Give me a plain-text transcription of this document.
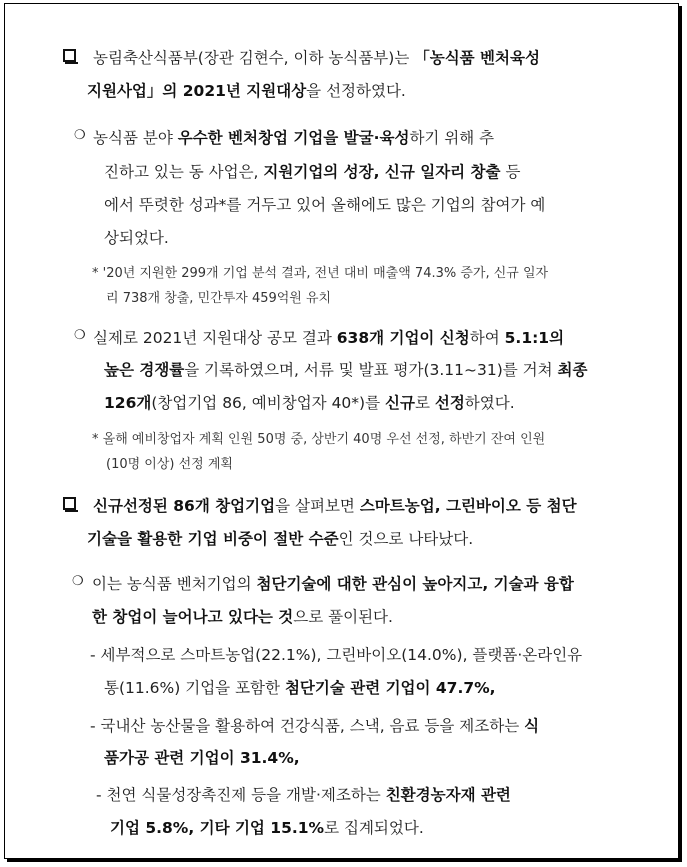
농림축산식품부(장관 김현수, 이하 농식품부)는 「농식품 벤처육성
지원사업」의 2021년 지원대상을 선정하였다.
❍ 농식품 분야 우수한 벤처창업 기업을 발굴·육성하기 위해 추
진하고 있는 동 사업은, 지원기업의 성장, 신규 일자리 창출 등
에서 뚜렷한 성과*를 거두고 있어 올해에도 많은 기업의 참여가 예
상되었다.
* '20년 지원한 299개 기업 분석 결과, 전년 대비 매출액 74.3% 증가, 신규 일자
리 738개 창출, 민간투자 459억원 유치
❍ 실제로 2021년 지원대상 공모 결과 638개 기업이 신청하여 5.1:1의
높은 경쟁률을 기록하였으며, 서류 및 발표 평가(3.11~31)를 거쳐 최종
126개(창업기업 86, 예비창업자 40*)를 신규로 선정하였다.
* 올해 예비창업자 계획 인원 50명 중, 상반기 40명 우선 선정, 하반기 잔여 인원
(10명 이상) 선정 계획
신규선정된 86개 창업기업을 살펴보면 스마트농업, 그린바이오 등 첨단
기술을 활용한 기업 비중이 절반 수준인 것으로 나타났다.
❍ 이는 농식품 벤처기업의 첨단기술에 대한 관심이 높아지고, 기술과 융합
한 창업이 늘어나고 있다는 것으로 풀이된다.
- 세부적으로 스마트농업(22.1%), 그린바이오(14.0%), 플랫폼·온라인유
통(11.6%) 기업을 포함한 첨단기술 관련 기업이 47.7%,
- 국내산 농산물을 활용하여 건강식품, 스낵, 음료 등을 제조하는 식
품가공 관련 기업이 31.4%,
- 천연 식물성장촉진제 등을 개발·제조하는 친환경농자재 관련
기업 5.8%, 기타 기업 15.1%로 집계되었다.
